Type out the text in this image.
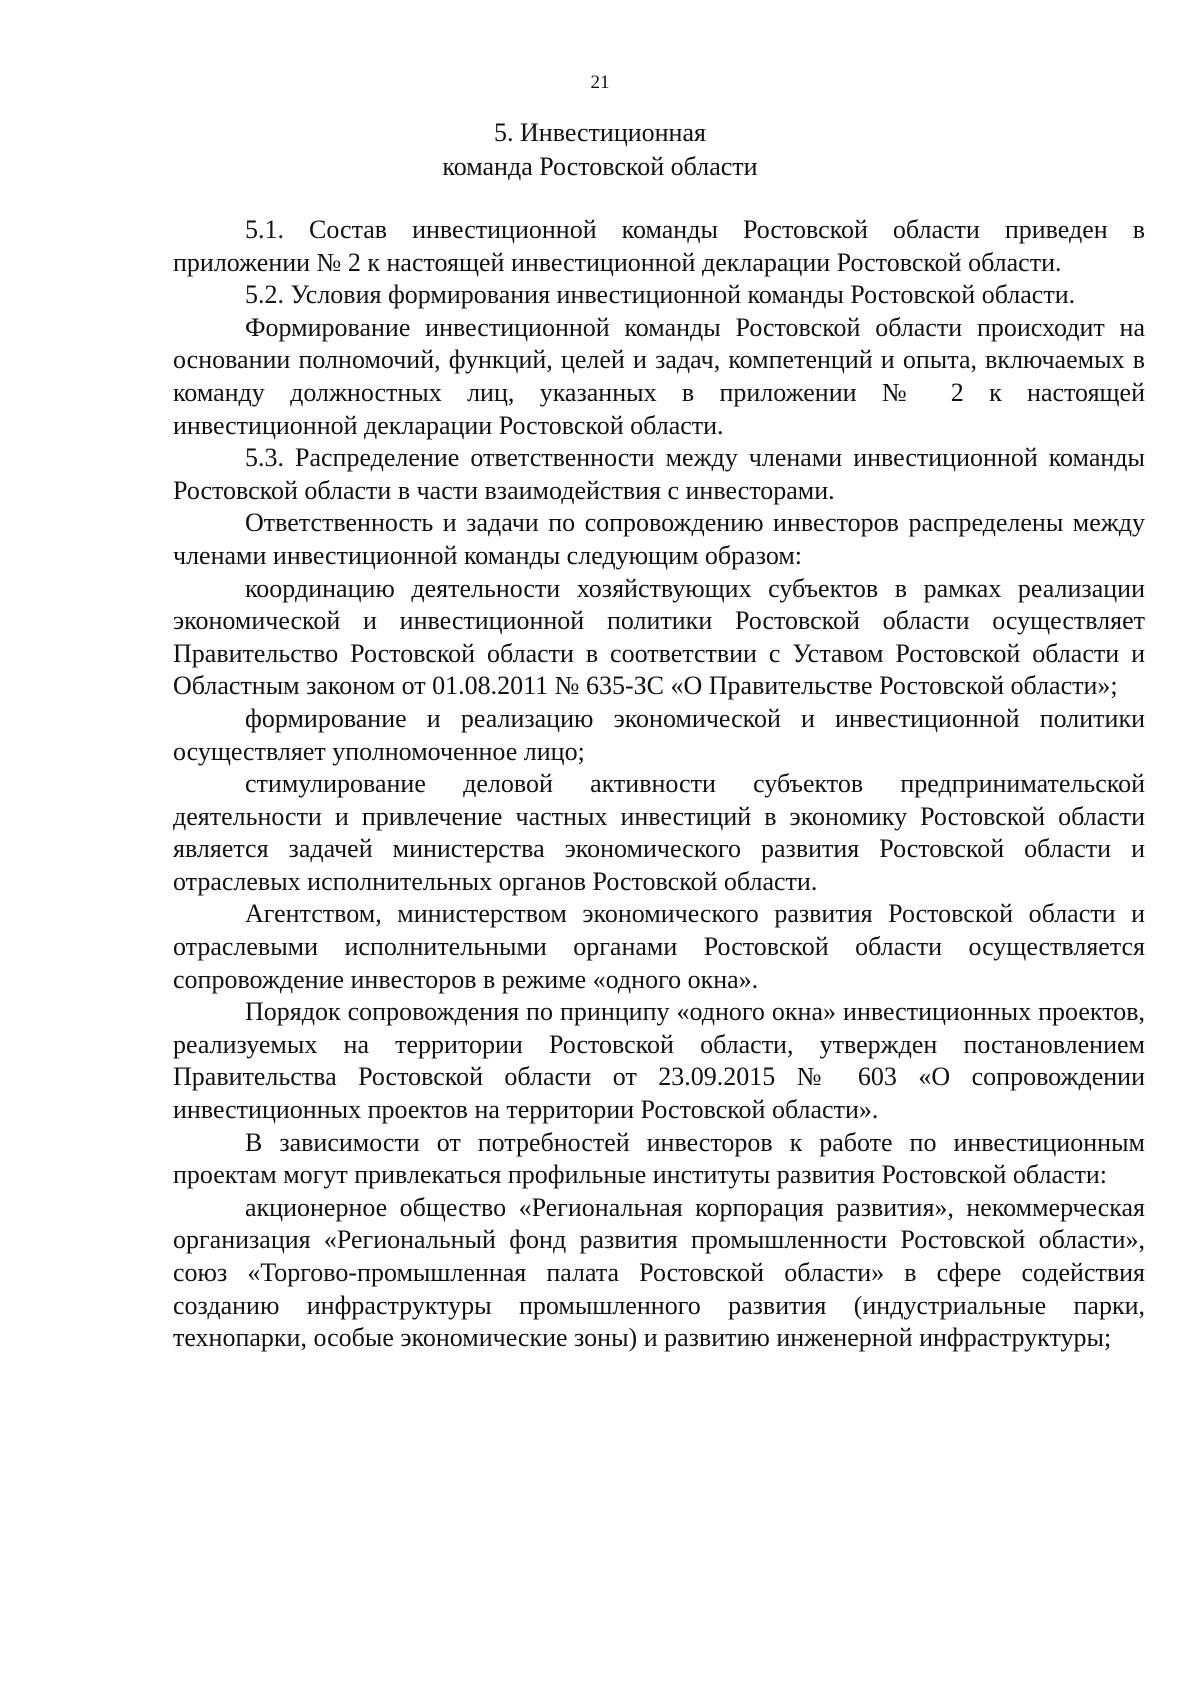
21
5. Инвестиционная
команда Ростовской области

5.1. Состав инвестиционной команды Ростовской области приведен в приложении № 2 к настоящей инвестиционной декларации Ростовской области.

5.2. Условия формирования инвестиционной команды Ростовской области.

Формирование инвестиционной команды Ростовской области происходит на основании полномочий, функций, целей и задач, компетенций и опыта, включаемых в команду должностных лиц, указанных в приложении № 2 к настоящей инвестиционной декларации Ростовской области.

5.3. Распределение ответственности между членами инвестиционной команды Ростовской области в части взаимодействия с инвесторами.

Ответственность и задачи по сопровождению инвесторов распределены между членами инвестиционной команды следующим образом:

координацию деятельности хозяйствующих субъектов в рамках реализации экономической и инвестиционной политики Ростовской области осуществляет Правительство Ростовской области в соответствии с Уставом Ростовской области и Областным законом от 01.08.2011 № 635-ЗС «О Правительстве Ростовской области»;

формирование и реализацию экономической и инвестиционной политики осуществляет уполномоченное лицо;

стимулирование деловой активности субъектов предпринимательской деятельности и привлечение частных инвестиций в экономику Ростовской области является задачей министерства экономического развития Ростовской области и отраслевых исполнительных органов Ростовской области.

Агентством, министерством экономического развития Ростовской области и отраслевыми исполнительными органами Ростовской области осуществляется сопровождение инвесторов в режиме «одного окна».

Порядок сопровождения по принципу «одного окна» инвестиционных проектов, реализуемых на территории Ростовской области, утвержден постановлением Правительства Ростовской области от 23.09.2015 № 603 «О сопровождении инвестиционных проектов на территории Ростовской области».

В зависимости от потребностей инвесторов к работе по инвестиционным проектам могут привлекаться профильные институты развития Ростовской области:

акционерное общество «Региональная корпорация развития», некоммерческая организация «Региональный фонд развития промышленности Ростовской области», союз «Торгово-промышленная палата Ростовской области» в сфере содействия созданию инфраструктуры промышленного развития (индустриальные парки, технопарки, особые экономические зоны) и развитию инженерной инфраструктуры;
